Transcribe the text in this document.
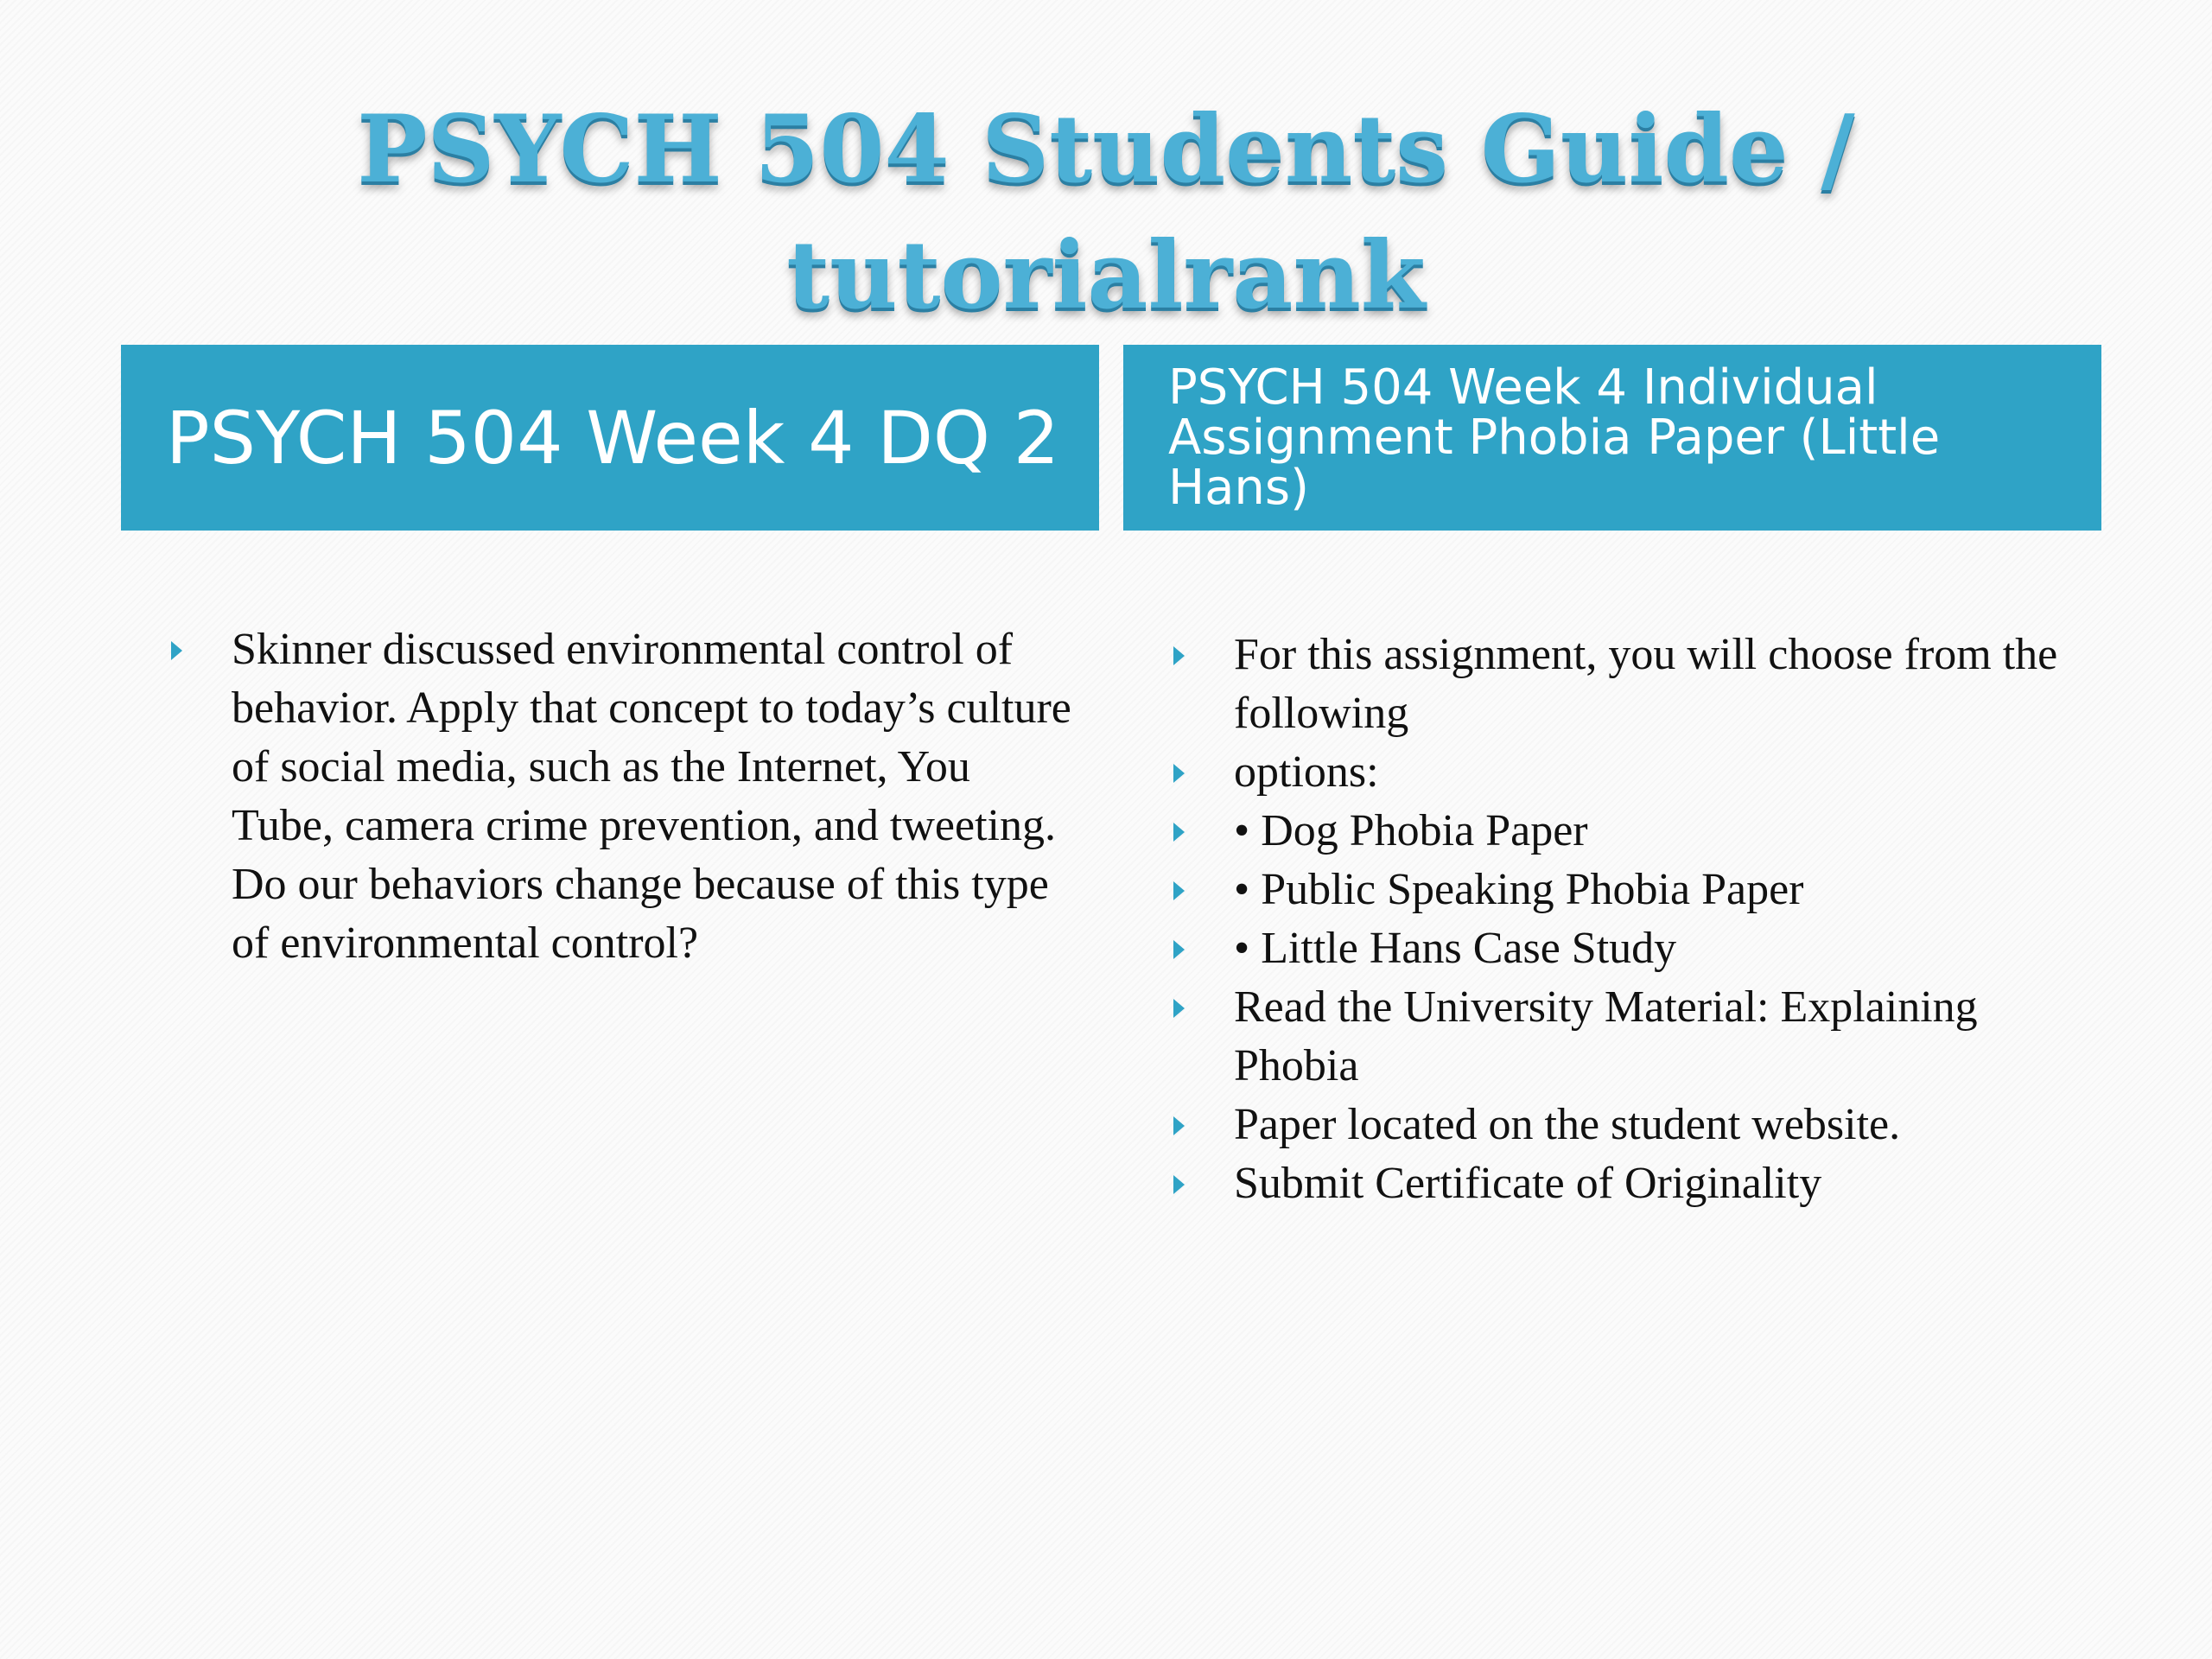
PSYCH 504 Students Guide /
tutorialrank
PSYCH 504 Week 4 DQ 2
PSYCH 504 Week 4 Individual Assignment Phobia Paper (Little Hans)
Skinner discussed environmental control of behavior. Apply that concept to today’s culture of social media, such as the Internet, You Tube, camera crime prevention, and tweeting. Do our behaviors change because of this type of environmental control?
For this assignment, you will choose from the following
options:
• Dog Phobia Paper
• Public Speaking Phobia Paper
• Little Hans Case Study
Read the University Material: Explaining Phobia
Paper located on the student website.
Submit Certificate of Originality
